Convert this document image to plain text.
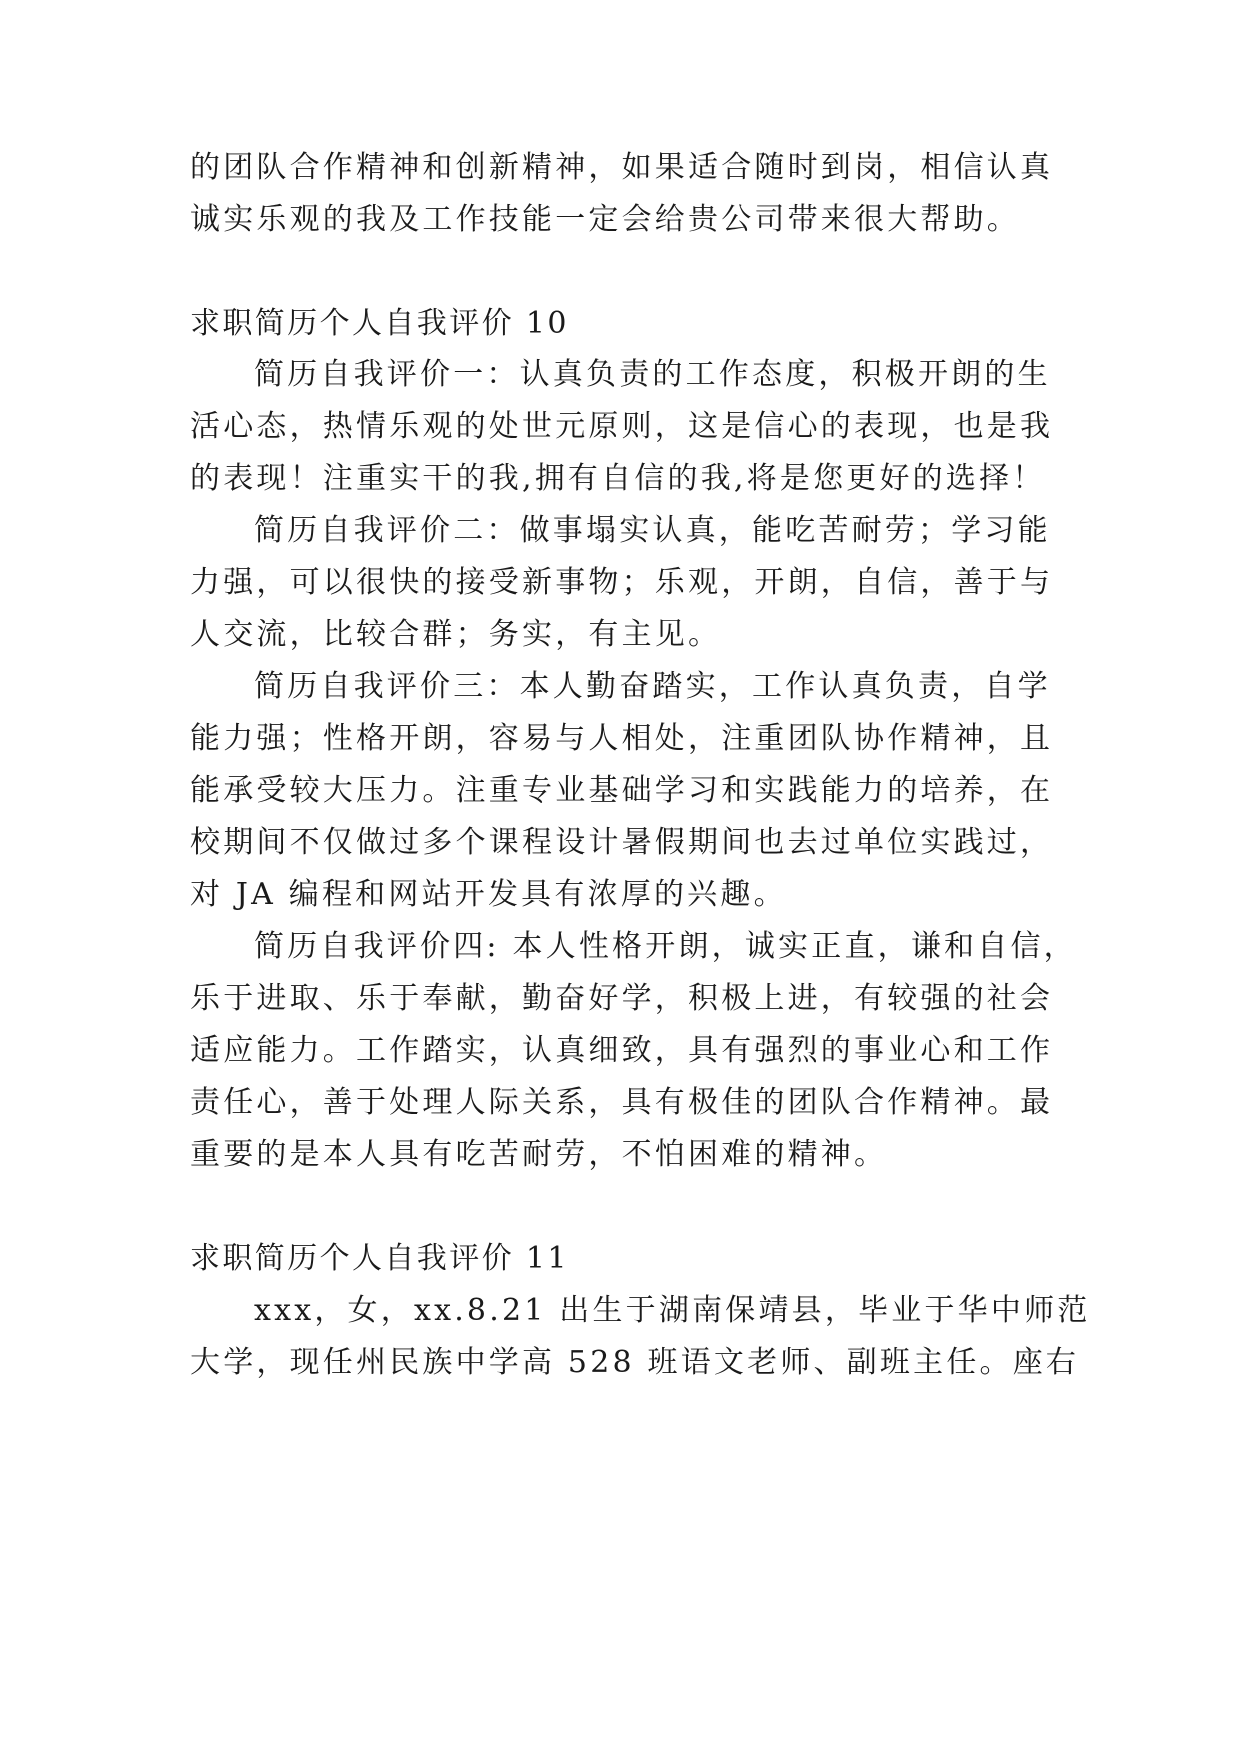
的团队合作精神和创新精神，如果适合随时到岗，相信认真
诚实乐观的我及工作技能一定会给贵公司带来很大帮助。
求职简历个人自我评价 10
简历自我评价一：认真负责的工作态度，积极开朗的生
活心态，热情乐观的处世元原则，这是信心的表现，也是我
的表现！注重实干的我,拥有自信的我,将是您更好的选择！
简历自我评价二：做事塌实认真，能吃苦耐劳；学习能
力强，可以很快的接受新事物；乐观，开朗，自信，善于与
人交流，比较合群；务实，有主见。
简历自我评价三：本人勤奋踏实，工作认真负责，自学
能力强；性格开朗，容易与人相处，注重团队协作精神，且
能承受较大压力。注重专业基础学习和实践能力的培养，在
校期间不仅做过多个课程设计暑假期间也去过单位实践过，
对 JA 编程和网站开发具有浓厚的兴趣。
简历自我评价四: 本人性格开朗，诚实正直，谦和自信，
乐于进取、乐于奉献，勤奋好学，积极上进，有较强的社会
适应能力。工作踏实，认真细致，具有强烈的事业心和工作
责任心，善于处理人际关系，具有极佳的团队合作精神。最
重要的是本人具有吃苦耐劳，不怕困难的精神。
求职简历个人自我评价 11
xxx，女，xx.8.21 出生于湖南保靖县，毕业于华中师范
大学，现任州民族中学高 528 班语文老师、副班主任。座右
